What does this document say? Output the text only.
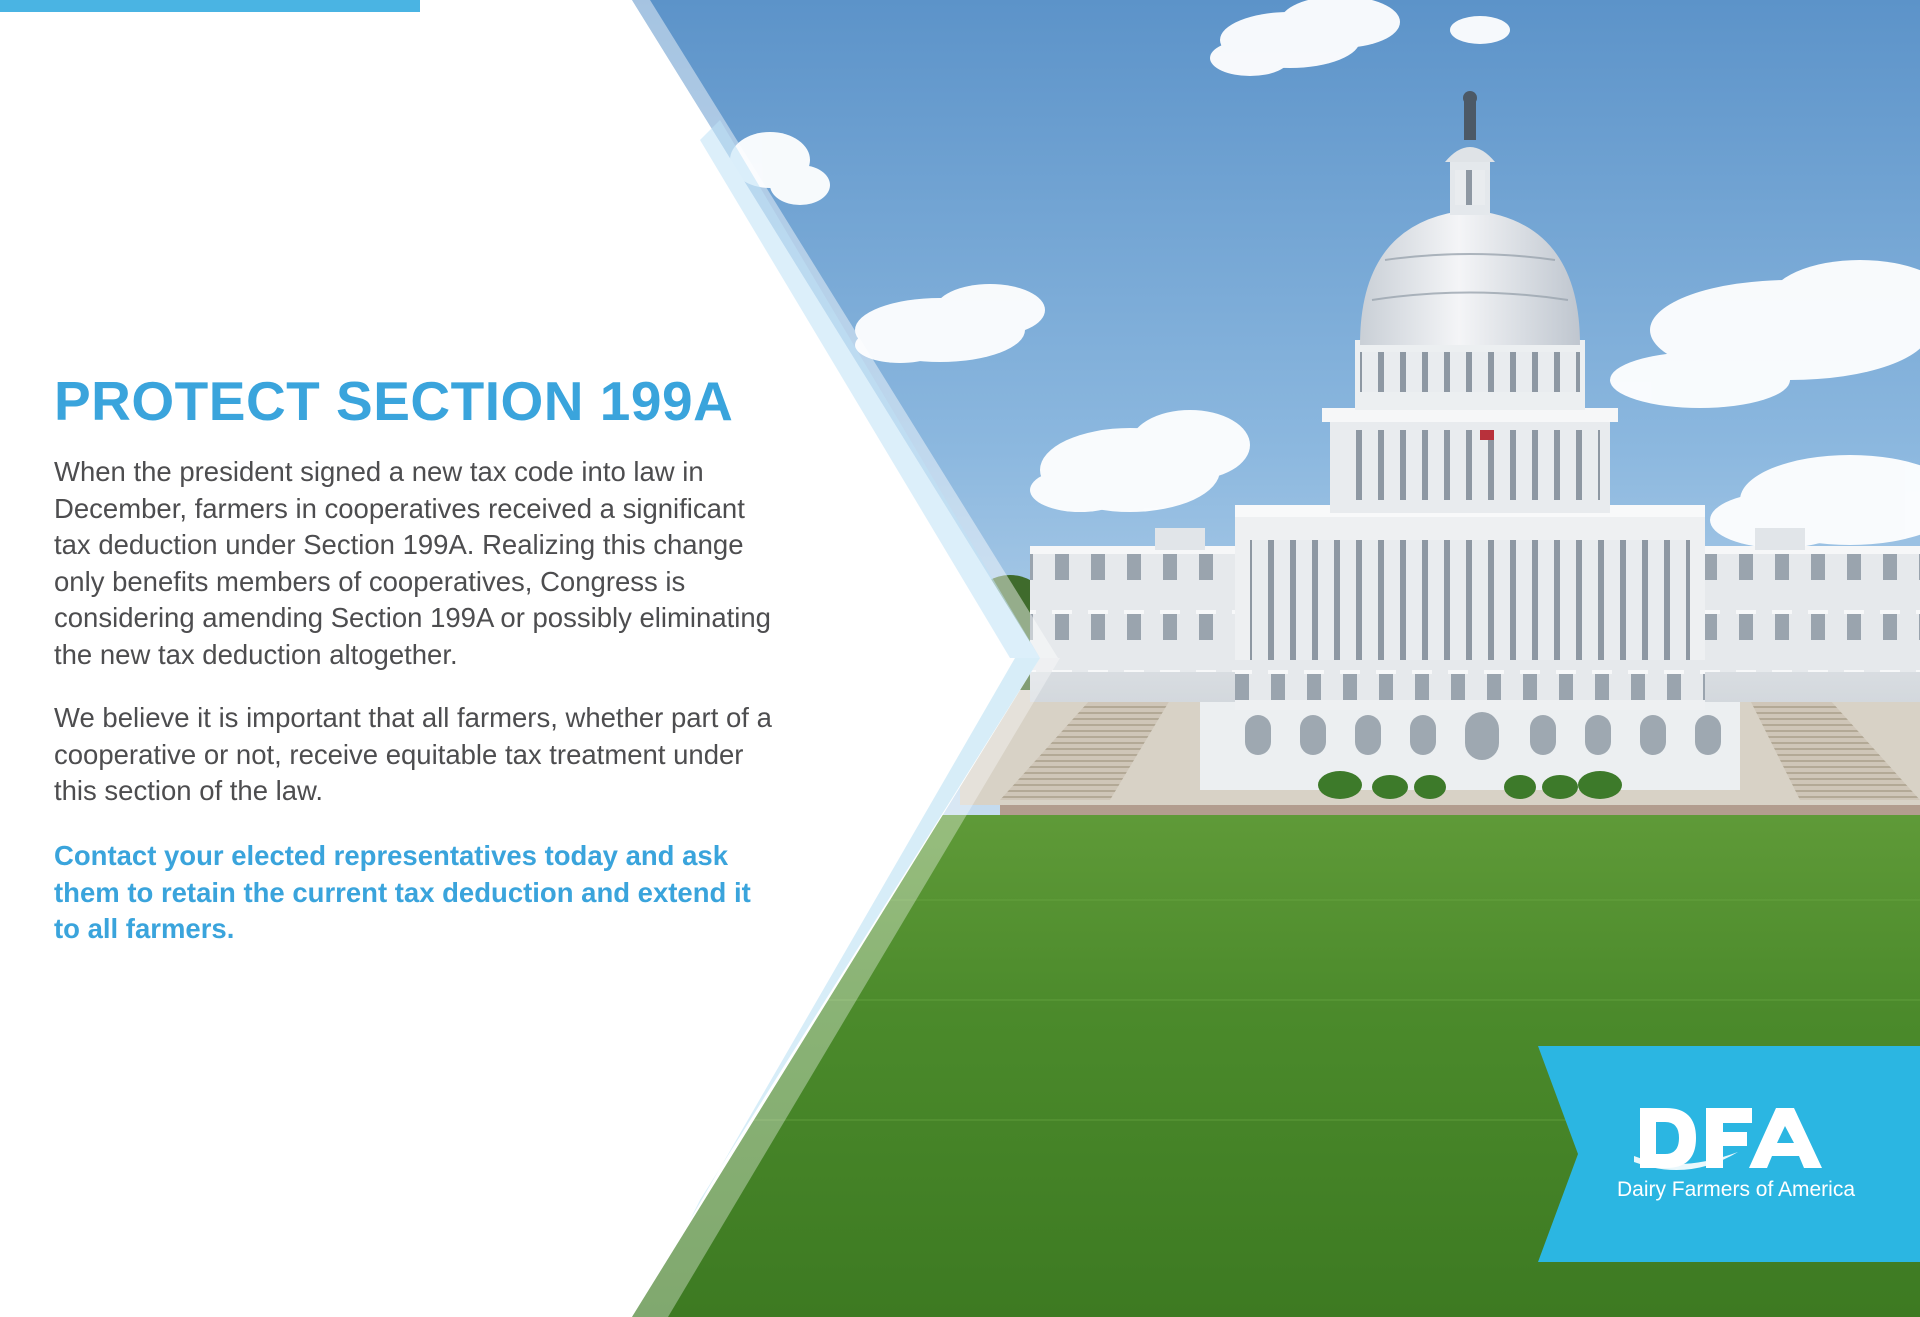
PROTECT SECTION 199A

When the president signed a new tax code into law in December, farmers in cooperatives received a significant tax deduction under Section 199A. Realizing this change only benefits members of cooperatives, Congress is considering amending Section 199A or possibly eliminating the new tax deduction altogether.

We believe it is important that all farmers, whether part of a cooperative or not, receive equitable tax treatment under this section of the law.

Contact your elected representatives today and ask them to retain the current tax deduction and extend it to all farmers.

Dairy Farmers of America
